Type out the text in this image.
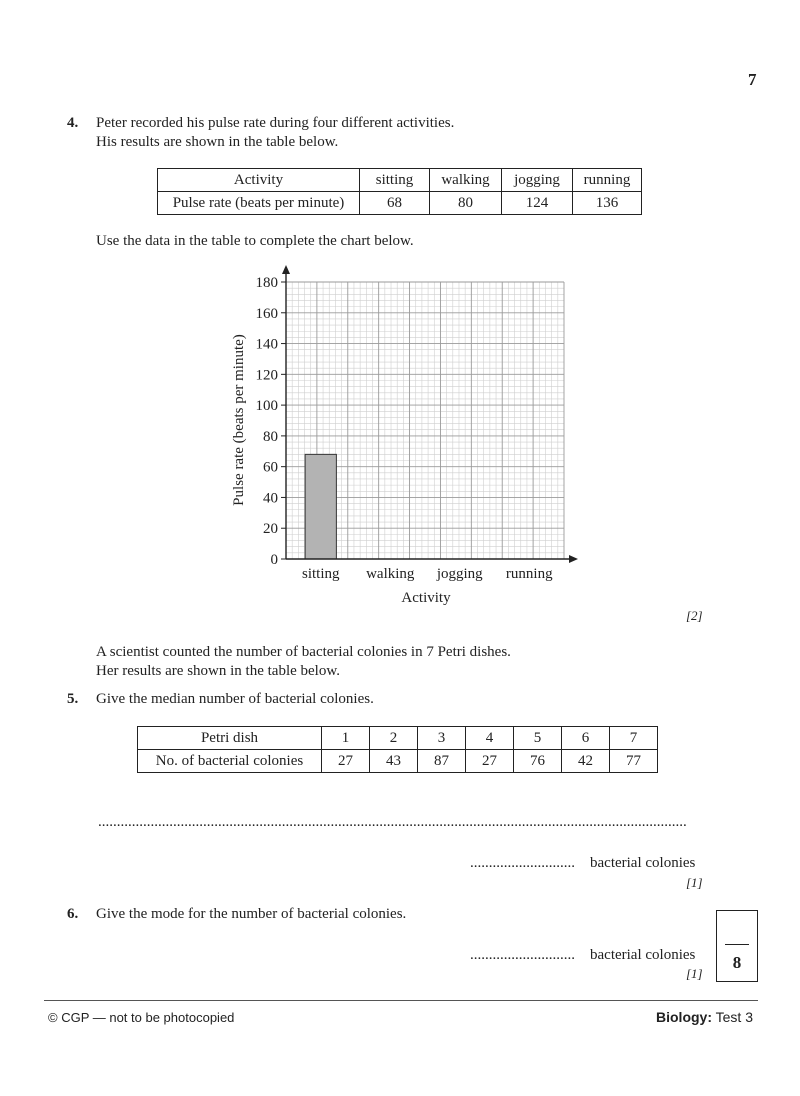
7
4. Peter recorded his pulse rate during four different activities.
His results are shown in the table below.
Activity	sitting	walking	jogging	running
Pulse rate (beats per minute)	68	80	124	136
Use the data in the table to complete the chart below.
0
20
40
60
80
100
120
140
160
180
sitting walking jogging running
Activity
Pulse rate (beats per minute)
[2]
A scientist counted the number of bacterial colonies in 7 Petri dishes.
Her results are shown in the table below.
5. Give the median number of bacterial colonies.
Petri dish	1	2	3	4	5	6	7
No. of bacterial colonies	27	43	87	27	76	42	77
.............................................................................................................................................................
............................ bacterial colonies
[1]
6. Give the mode for the number of bacterial colonies.
............................ bacterial colonies
[1]
8
© CGP — not to be photocopied	Biology: Test 3
